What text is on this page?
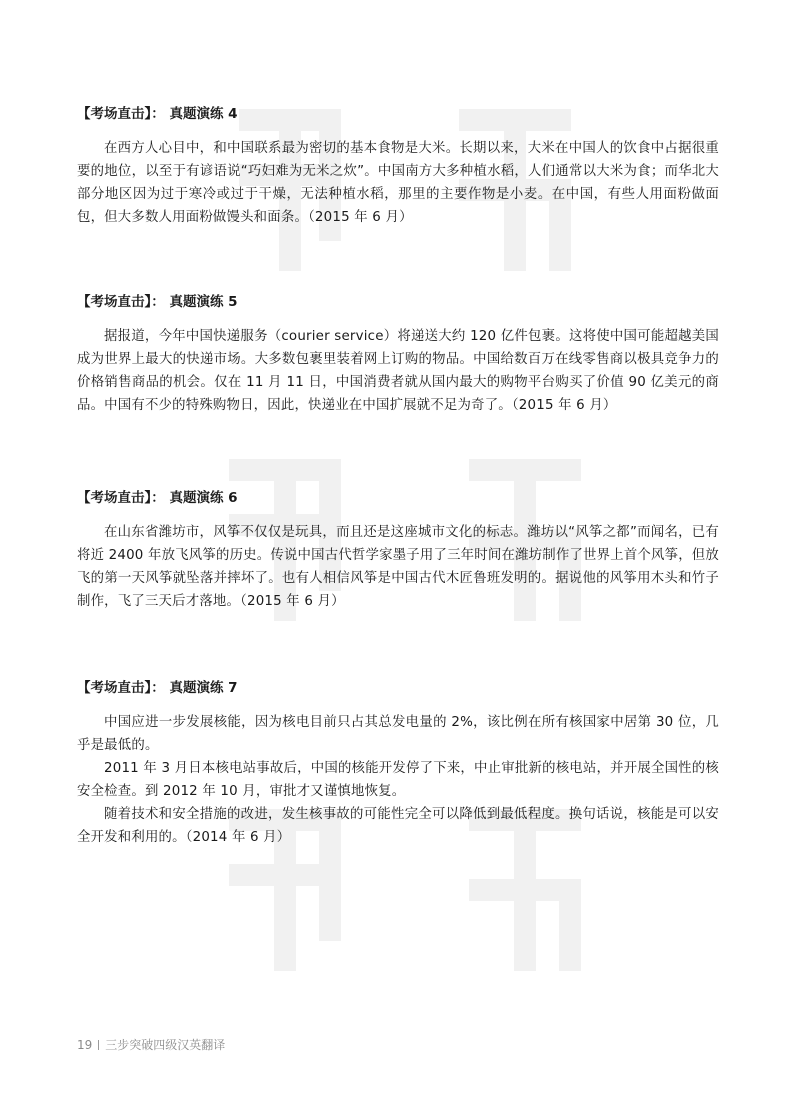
【考场直击】： 真题演练 4

在西方人心目中，和中国联系最为密切的基本食物是大米。长期以来，大米在中国人的饮食中占据很重要的地位，以至于有谚语说“巧妇难为无米之炊”。中国南方大多种植水稻，人们通常以大米为食；而华北大部分地区因为过于寒冷或过于干燥，无法种植水稻，那里的主要作物是小麦。在中国，有些人用面粉做面包，但大多数人用面粉做馒头和面条。（2015 年 6 月）

【考场直击】： 真题演练 5

据报道，今年中国快递服务（courier service）将递送大约 120 亿件包裹。这将使中国可能超越美国成为世界上最大的快递市场。大多数包裹里装着网上订购的物品。中国给数百万在线零售商以极具竞争力的价格销售商品的机会。仅在 11 月 11 日，中国消费者就从国内最大的购物平台购买了价值 90 亿美元的商品。中国有不少的特殊购物日，因此，快递业在中国扩展就不足为奇了。（2015 年 6 月）

【考场直击】： 真题演练 6

在山东省潍坊市，风筝不仅仅是玩具，而且还是这座城市文化的标志。潍坊以“风筝之都”而闻名，已有将近 2400 年放飞风筝的历史。传说中国古代哲学家墨子用了三年时间在潍坊制作了世界上首个风筝，但放飞的第一天风筝就坠落并摔坏了。也有人相信风筝是中国古代木匠鲁班发明的。据说他的风筝用木头和竹子制作，飞了三天后才落地。（2015 年 6 月）

【考场直击】： 真题演练 7

中国应进一步发展核能，因为核电目前只占其总发电量的 2%，该比例在所有核国家中居第 30 位，几乎是最低的。

2011 年 3 月日本核电站事故后，中国的核能开发停了下来，中止审批新的核电站，并开展全国性的核安全检查。到 2012 年 10 月，审批才又谨慎地恢复。

随着技术和安全措施的改进，发生核事故的可能性完全可以降低到最低程度。换句话说，核能是可以安全开发和利用的。（2014 年 6 月）

19 三步突破四级汉英翻译
